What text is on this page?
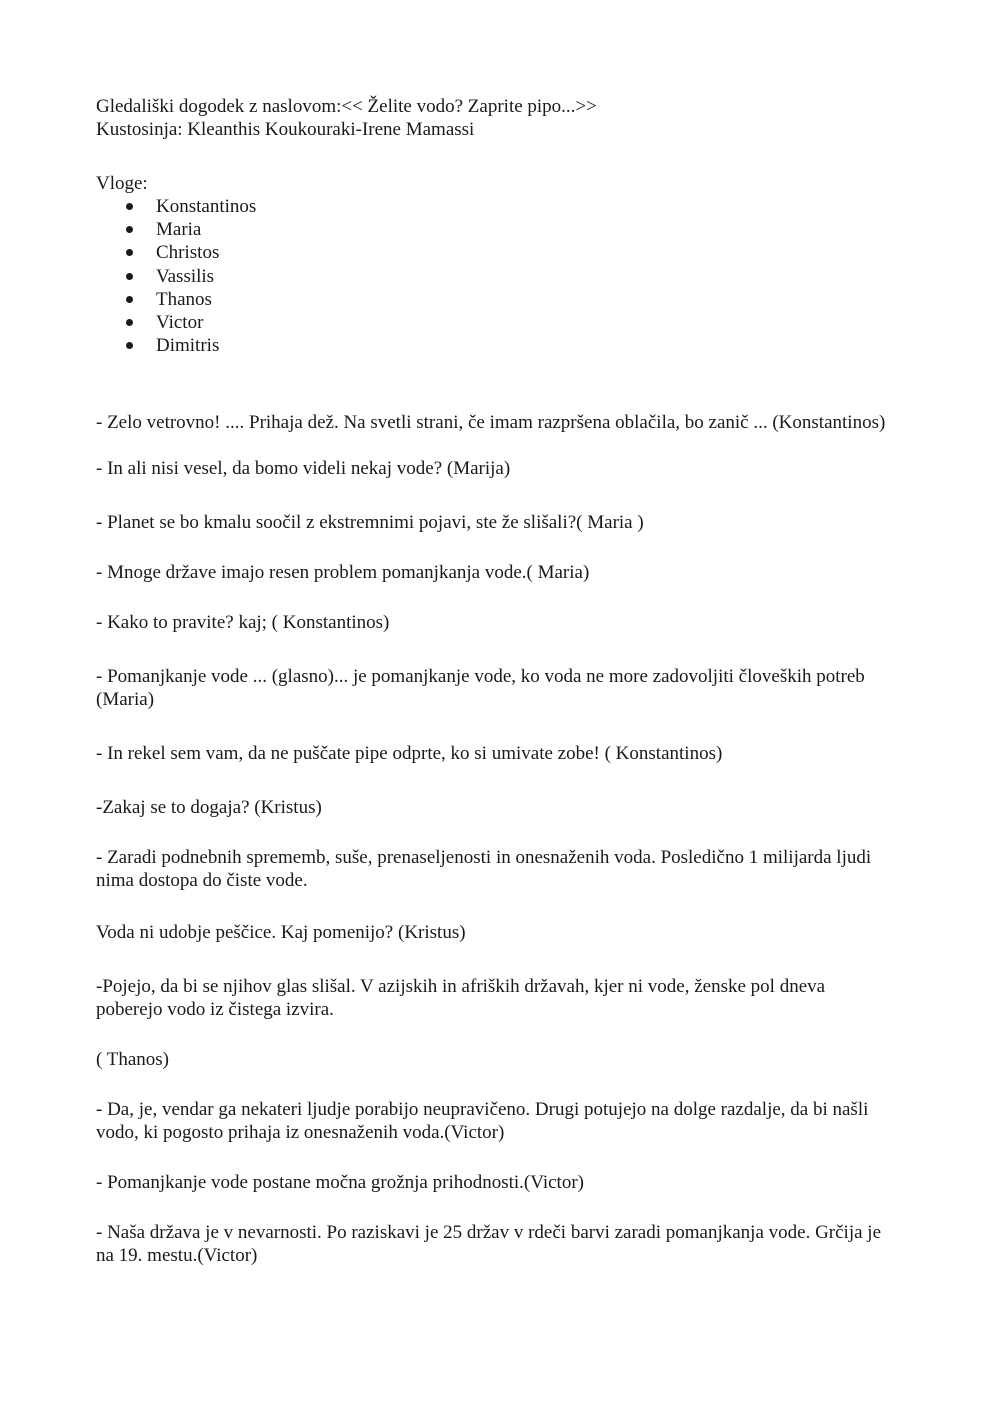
Gledališki dogodek z naslovom:<< Želite vodo? Zaprite pipo...>>
Kustosinja: Kleanthis Koukouraki-Irene Mamassi
Vloge:
Konstantinos
Maria
Christos
Vassilis
Thanos
Victor
Dimitris

- Zelo vetrovno! .... Prihaja dež. Na svetli strani, če imam razpršena oblačila, bo zanič ... (Konstantinos)

- In ali nisi vesel, da bomo videli nekaj vode? (Marija)

- Planet se bo kmalu soočil z ekstremnimi pojavi, ste že slišali?( Maria )

- Mnoge države imajo resen problem pomanjkanja vode.( Maria)

- Kako to pravite? kaj; ( Konstantinos)

- Pomanjkanje vode ... (glasno)... je pomanjkanje vode, ko voda ne more zadovoljiti človeških potreb (Maria)

- In rekel sem vam, da ne puščate pipe odprte, ko si umivate zobe! ( Konstantinos)

-Zakaj se to dogaja? (Kristus)

- Zaradi podnebnih sprememb, suše, prenaseljenosti in onesnaženih voda. Posledično 1 milijarda ljudi nima dostopa do čiste vode.

Voda ni udobje peščice. Kaj pomenijo? (Kristus)

-Pojejo, da bi se njihov glas slišal. V azijskih in afriških državah, kjer ni vode, ženske pol dneva poberejo vodo iz čistega izvira.

( Thanos)

- Da, je, vendar ga nekateri ljudje porabijo neupravičeno. Drugi potujejo na dolge razdalje, da bi našli vodo, ki pogosto prihaja iz onesnaženih voda.(Victor)

- Pomanjkanje vode postane močna grožnja prihodnosti.(Victor)

- Naša država je v nevarnosti. Po raziskavi je 25 držav v rdeči barvi zaradi pomanjkanja vode. Grčija je na 19. mestu.(Victor)
